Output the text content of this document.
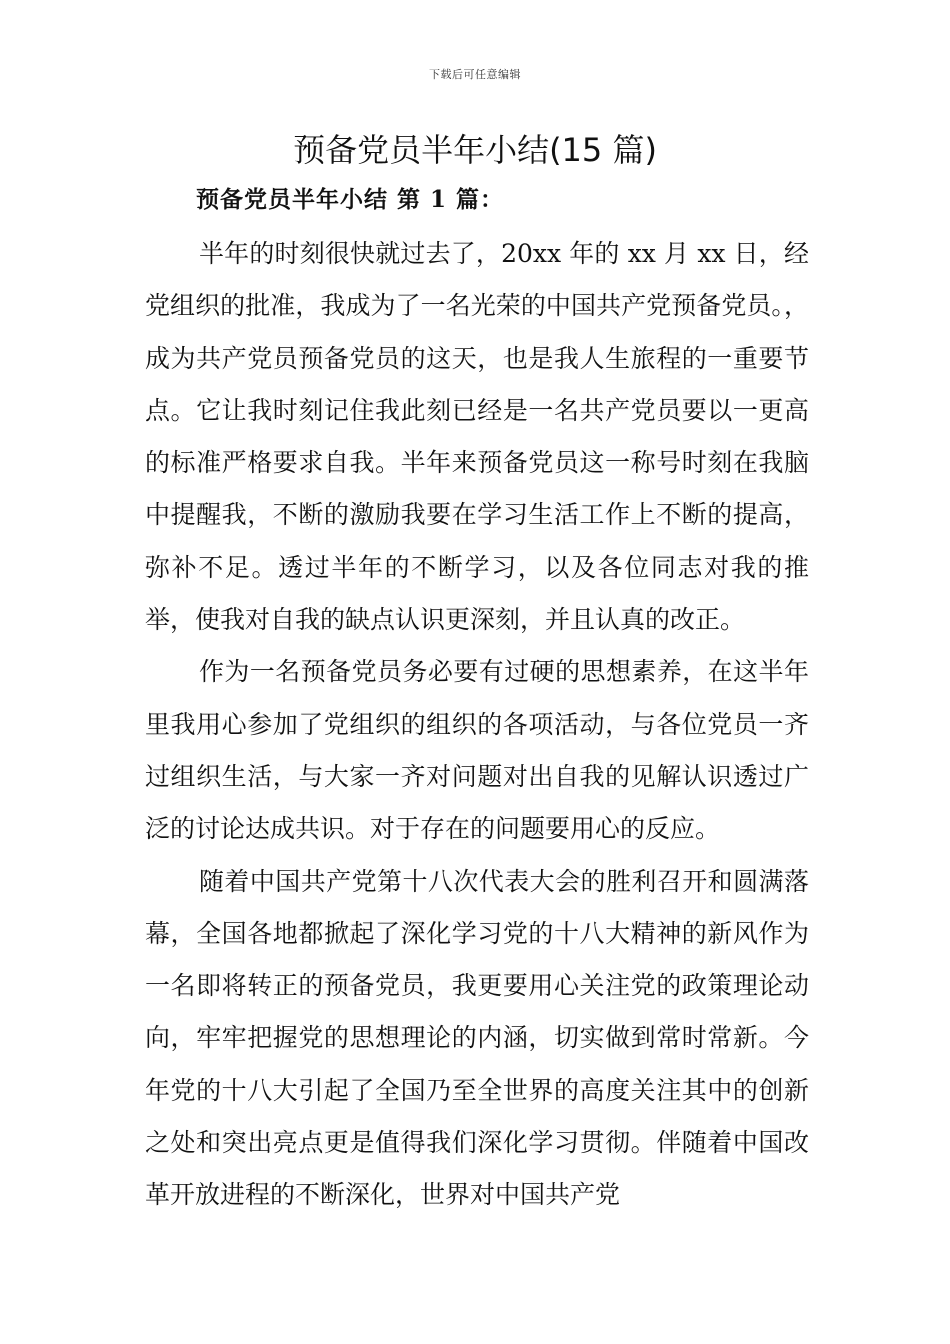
下载后可任意编辑
预备党员半年小结(15 篇)
预备党员半年小结 第 1 篇：

半年的时刻很快就过去了，20xx 年的 xx 月 xx 日，经党组织的批准，我成为了一名光荣的中国共产党预备党员。，成为共产党员预备党员的这天，也是我人生旅程的一重要节点。它让我时刻记住我此刻已经是一名共产党员要以一更高的标准严格要求自我。半年来预备党员这一称号时刻在我脑中提醒我，不断的激励我要在学习生活工作上不断的提高，弥补不足。透过半年的不断学习，以及各位同志对我的推举，使我对自我的缺点认识更深刻，并且认真的改正。

作为一名预备党员务必要有过硬的思想素养，在这半年里我用心参加了党组织的组织的各项活动，与各位党员一齐过组织生活，与大家一齐对问题对出自我的见解认识透过广泛的讨论达成共识。对于存在的问题要用心的反应。

随着中国共产党第十八次代表大会的胜利召开和圆满落幕，全国各地都掀起了深化学习党的十八大精神的新风作为一名即将转正的预备党员，我更要用心关注党的政策理论动向，牢牢把握党的思想理论的内涵，切实做到常时常新。今年党的十八大引起了全国乃至全世界的高度关注其中的创新之处和突出亮点更是值得我们深化学习贯彻。伴随着中国改革开放进程的不断深化，世界对中国共产党
